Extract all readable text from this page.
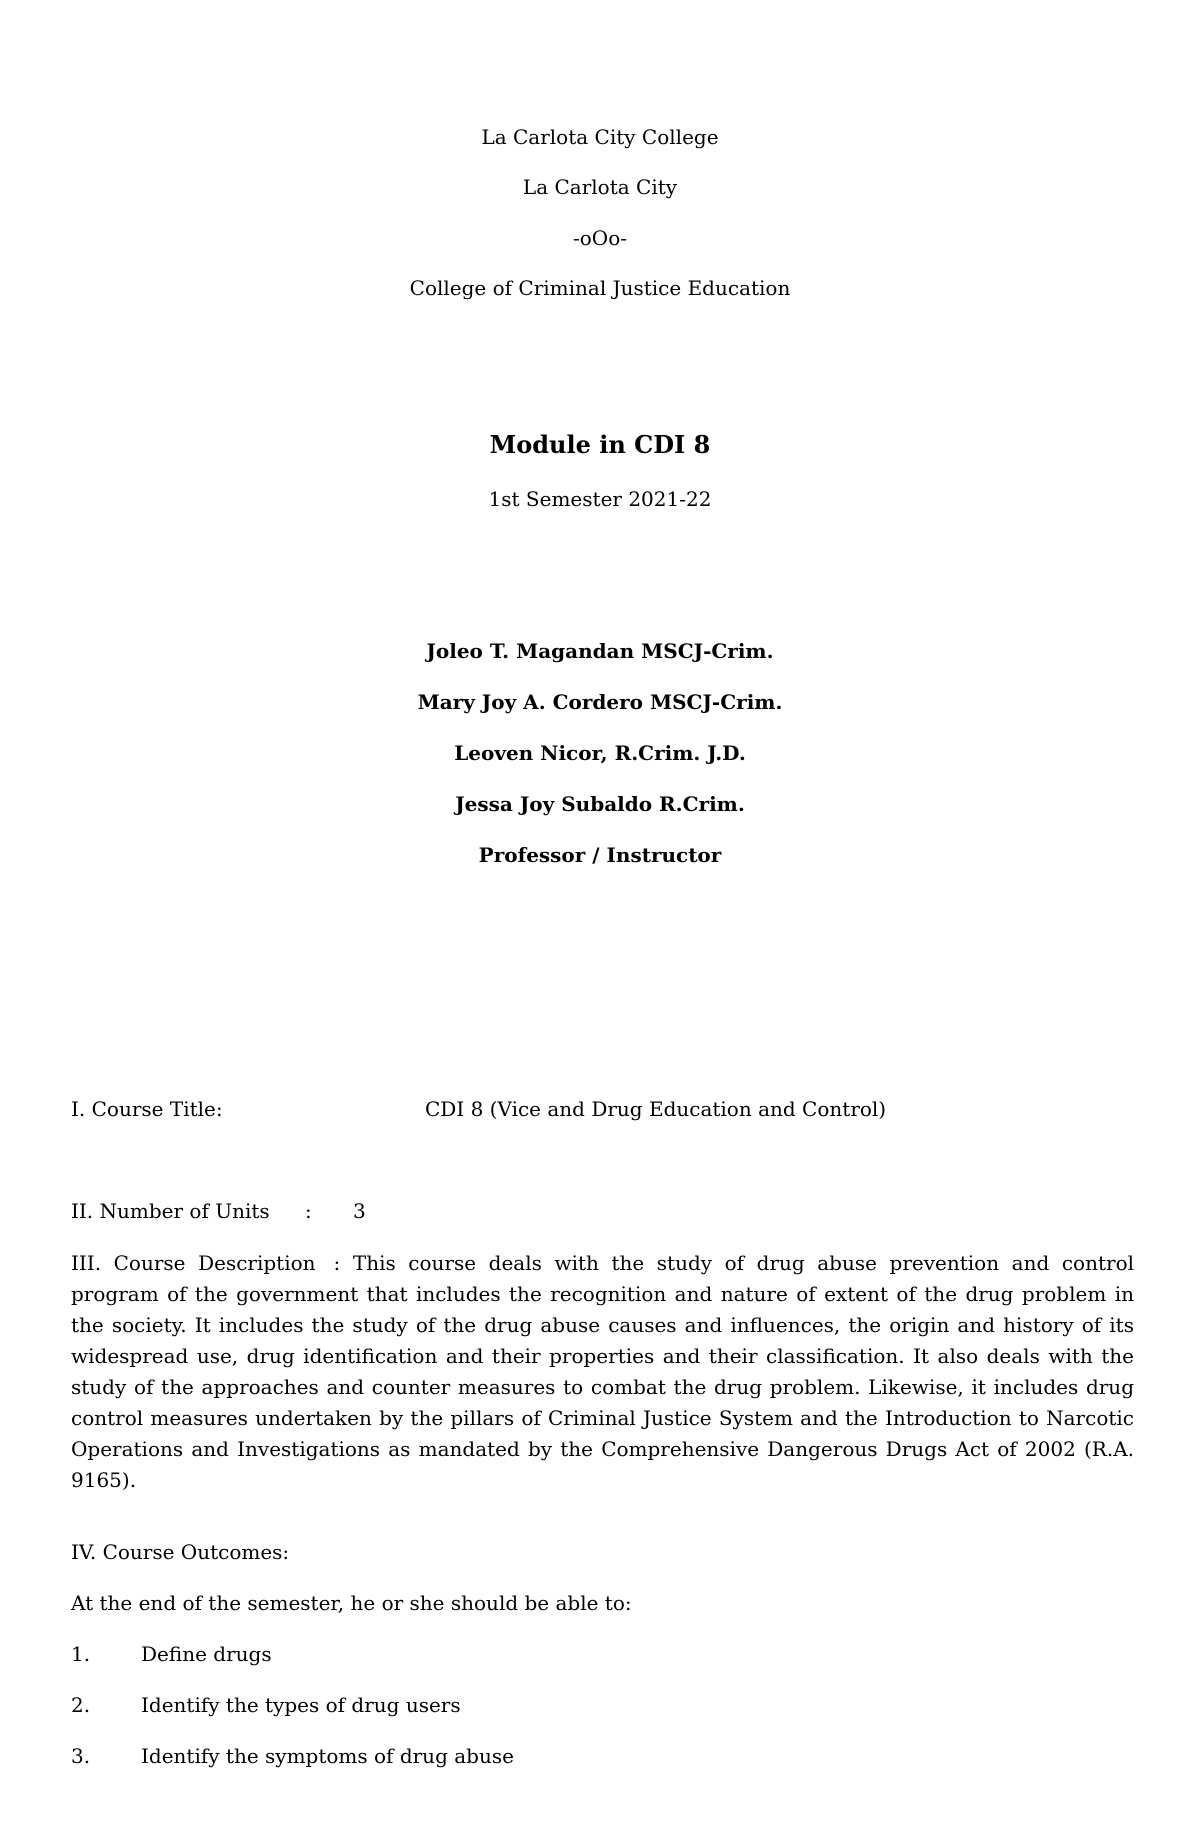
La Carlota City College
La Carlota City
-oOo-
College of Criminal Justice Education
Module in CDI 8
1st Semester 2021-22
Joleo T. Magandan MSCJ-Crim.
Mary Joy A. Cordero MSCJ-Crim.
Leoven Nicor, R.Crim. J.D.
Jessa Joy Subaldo R.Crim.
Professor / Instructor
I. Course Title:	CDI 8 (Vice and Drug Education and Control)
II. Number of Units : 3
III. Course Description : This course deals with the study of drug abuse prevention and control program of the government that includes the recognition and nature of extent of the drug problem in the society. It includes the study of the drug abuse causes and influences, the origin and history of its widespread use, drug identification and their properties and their classification. It also deals with the study of the approaches and counter measures to combat the drug problem. Likewise, it includes drug control measures undertaken by the pillars of Criminal Justice System and the Introduction to Narcotic Operations and Investigations as mandated by the Comprehensive Dangerous Drugs Act of 2002 (R.A. 9165).
IV. Course Outcomes:
At the end of the semester, he or she should be able to:
1.	Define drugs
2.	Identify the types of drug users
3.	Identify the symptoms of drug abuse
